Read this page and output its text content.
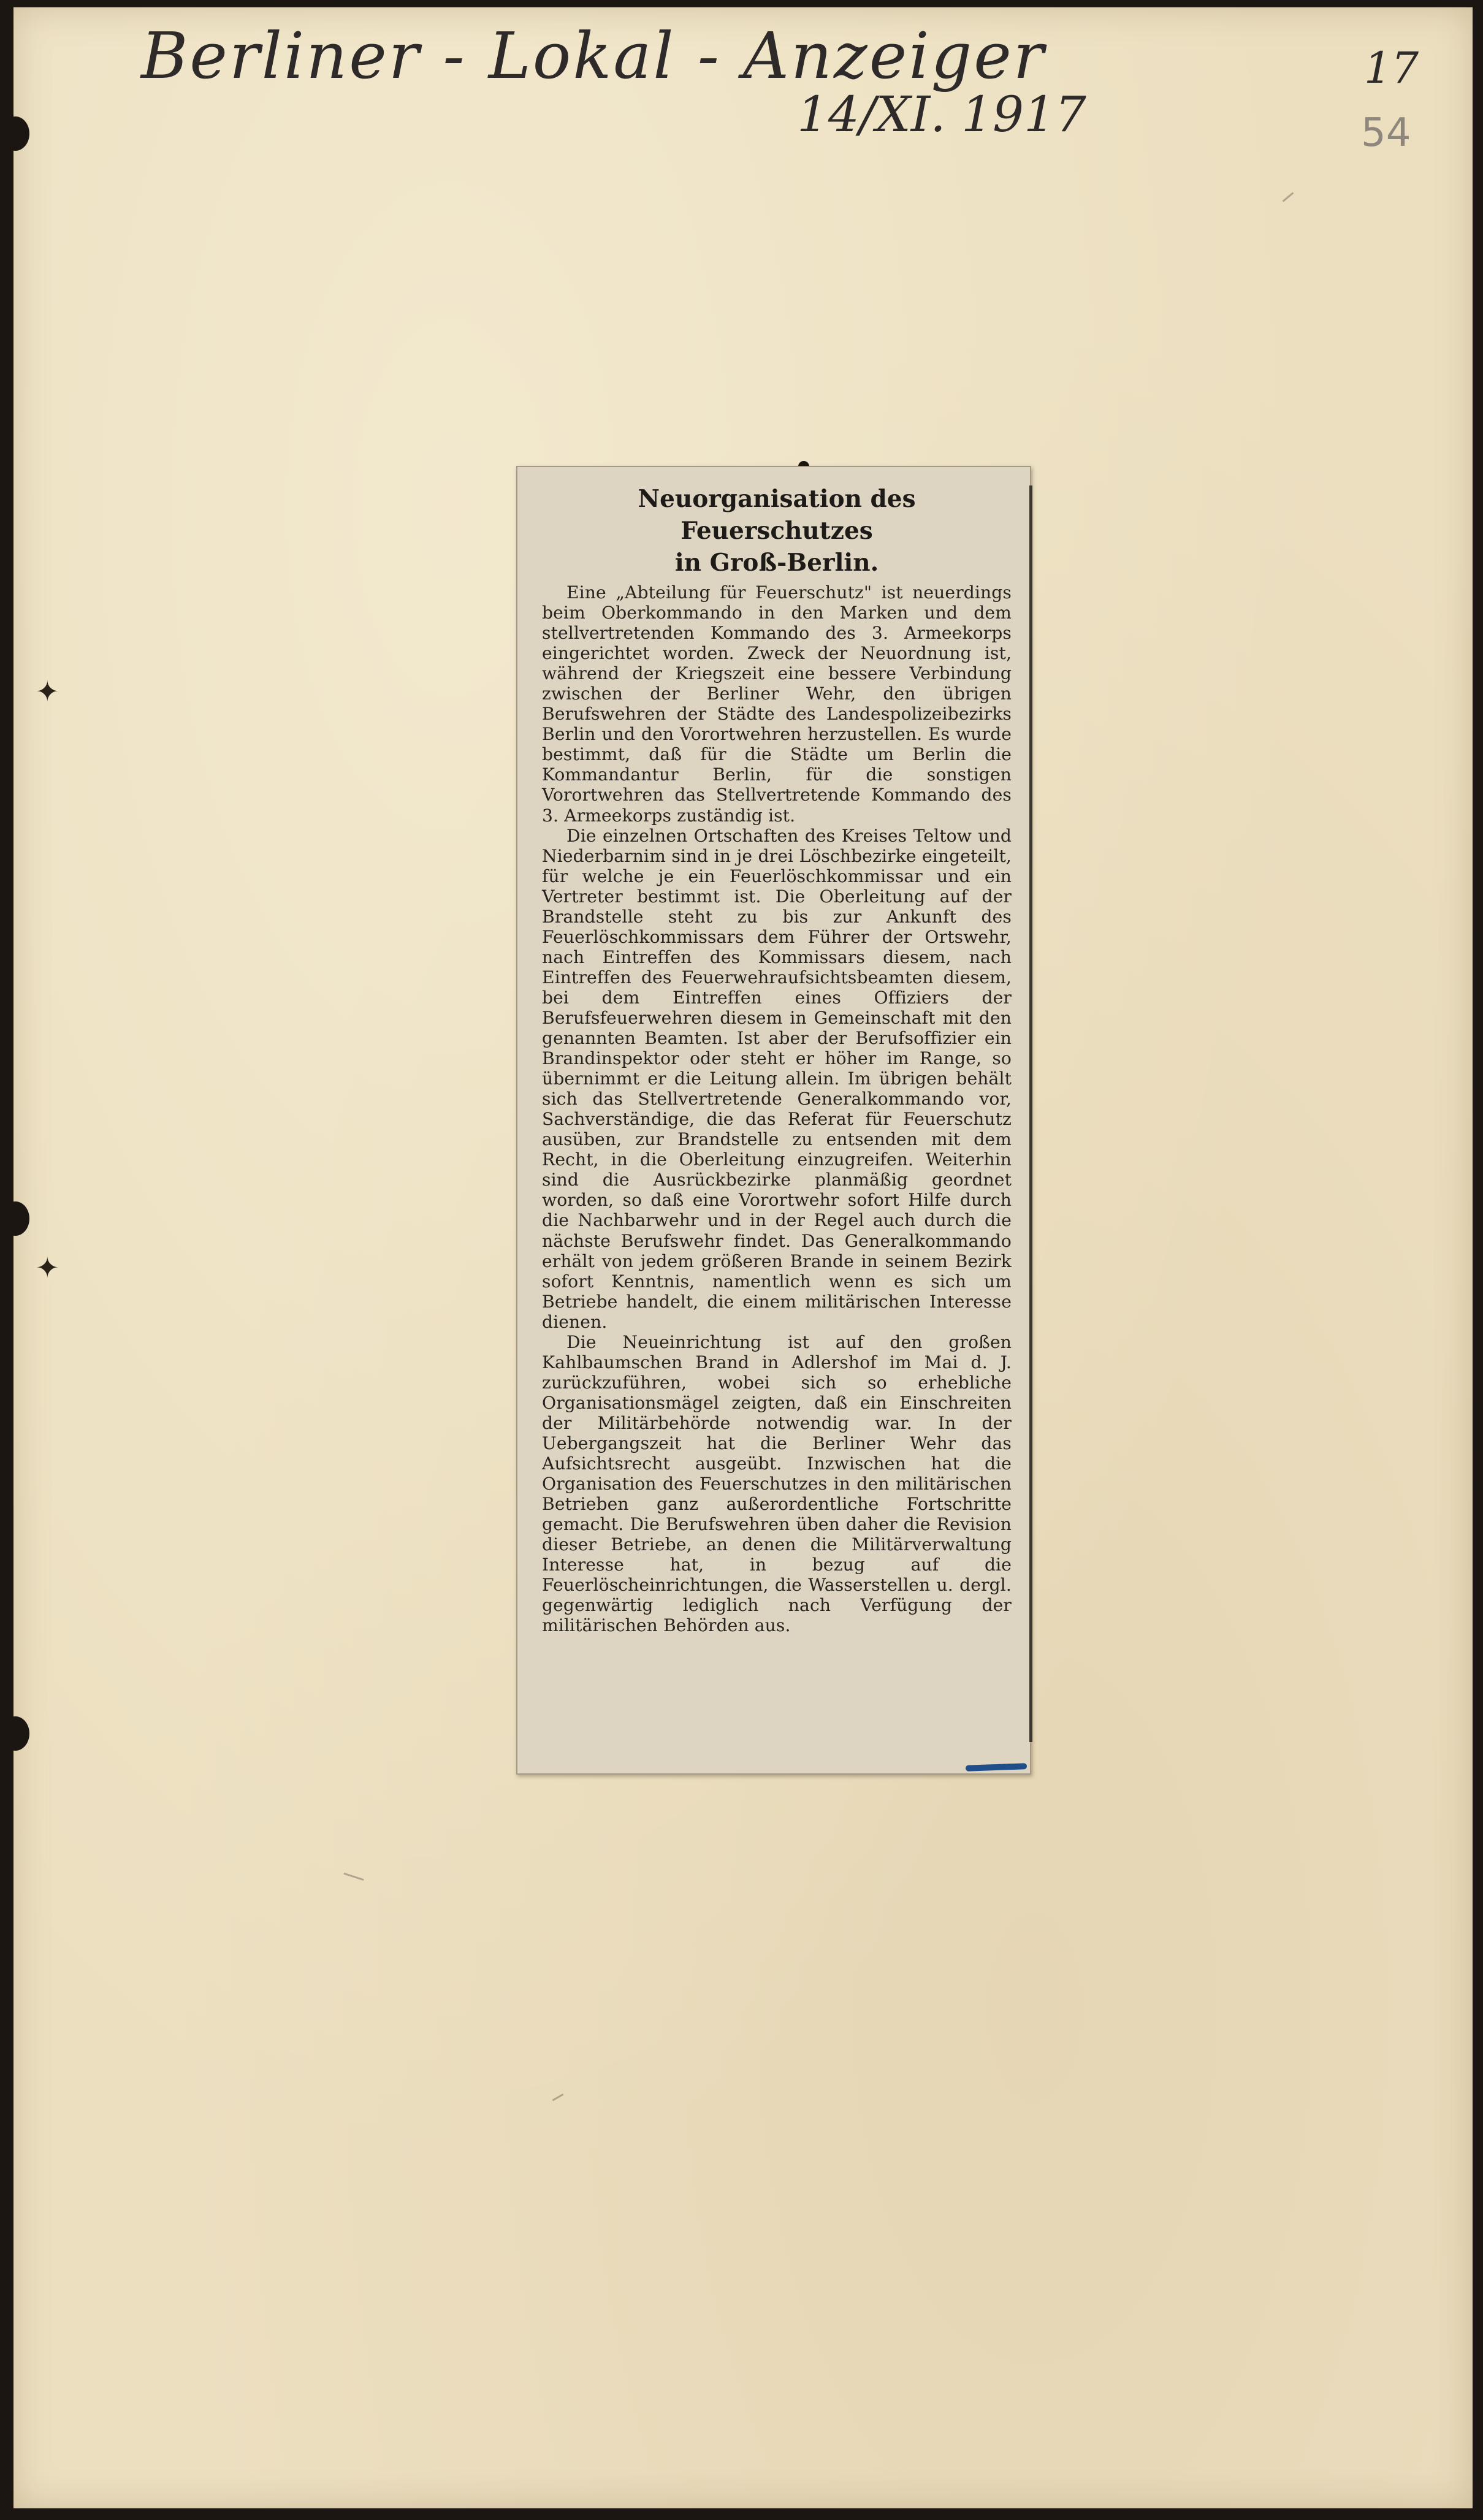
✦
✦
Berliner - Lokal - Anzeiger
14/XI. 1917
17
54
Neuorganisation des Feuerschutzes
in Groß-Berlin.

Eine „Abteilung für Feuerschutz" ist neuerdings beim Oberkommando in den Marken und dem stellvertretenden Kommando des 3. Armeekorps eingerichtet worden. Zweck der Neuordnung ist, während der Kriegszeit eine bessere Verbindung zwischen der Berliner Wehr, den übrigen Berufswehren der Städte des Landespolizeibezirks Berlin und den Vorortwehren herzustellen. Es wurde bestimmt, daß für die Städte um Berlin die Kommandantur Berlin, für die sonstigen Vorortwehren das Stellvertretende Kommando des 3. Armeekorps zuständig ist.

Die einzelnen Ortschaften des Kreises Teltow und Niederbarnim sind in je drei Löschbezirke eingeteilt, für welche je ein Feuerlöschkommissar und ein Vertreter bestimmt ist. Die Oberleitung auf der Brandstelle steht zu bis zur Ankunft des Feuerlöschkommissars dem Führer der Ortswehr, nach Eintreffen des Kommissars diesem, nach Eintreffen des Feuerwehraufsichtsbeamten diesem, bei dem Eintreffen eines Offiziers der Berufsfeuerwehren diesem in Gemeinschaft mit den genannten Beamten. Ist aber der Berufsoffizier ein Brandinspektor oder steht er höher im Range, so übernimmt er die Leitung allein. Im übrigen behält sich das Stellvertretende Generalkommando vor, Sachverständige, die das Referat für Feuerschutz ausüben, zur Brandstelle zu entsenden mit dem Recht, in die Oberleitung einzugreifen. Weiterhin sind die Ausrückbezirke planmäßig geordnet worden, so daß eine Vorortwehr sofort Hilfe durch die Nachbarwehr und in der Regel auch durch die nächste Berufswehr findet. Das Generalkommando erhält von jedem größeren Brande in seinem Bezirk sofort Kenntnis, namentlich wenn es sich um Betriebe handelt, die einem militärischen Interesse dienen.

Die Neueinrichtung ist auf den großen Kahlbaumschen Brand in Adlershof im Mai d. J. zurückzuführen, wobei sich so erhebliche Organisationsmägel zeigten, daß ein Einschreiten der Militärbehörde notwendig war. In der Uebergangszeit hat die Berliner Wehr das Aufsichtsrecht ausgeübt. Inzwischen hat die Organisation des Feuerschutzes in den militärischen Betrieben ganz außerordentliche Fortschritte gemacht. Die Berufswehren üben daher die Revision dieser Betriebe, an denen die Militärverwaltung Interesse hat, in bezug auf die Feuerlöscheinrichtungen, die Wasserstellen u. dergl. gegenwärtig lediglich nach Verfügung der militärischen Behörden aus.
